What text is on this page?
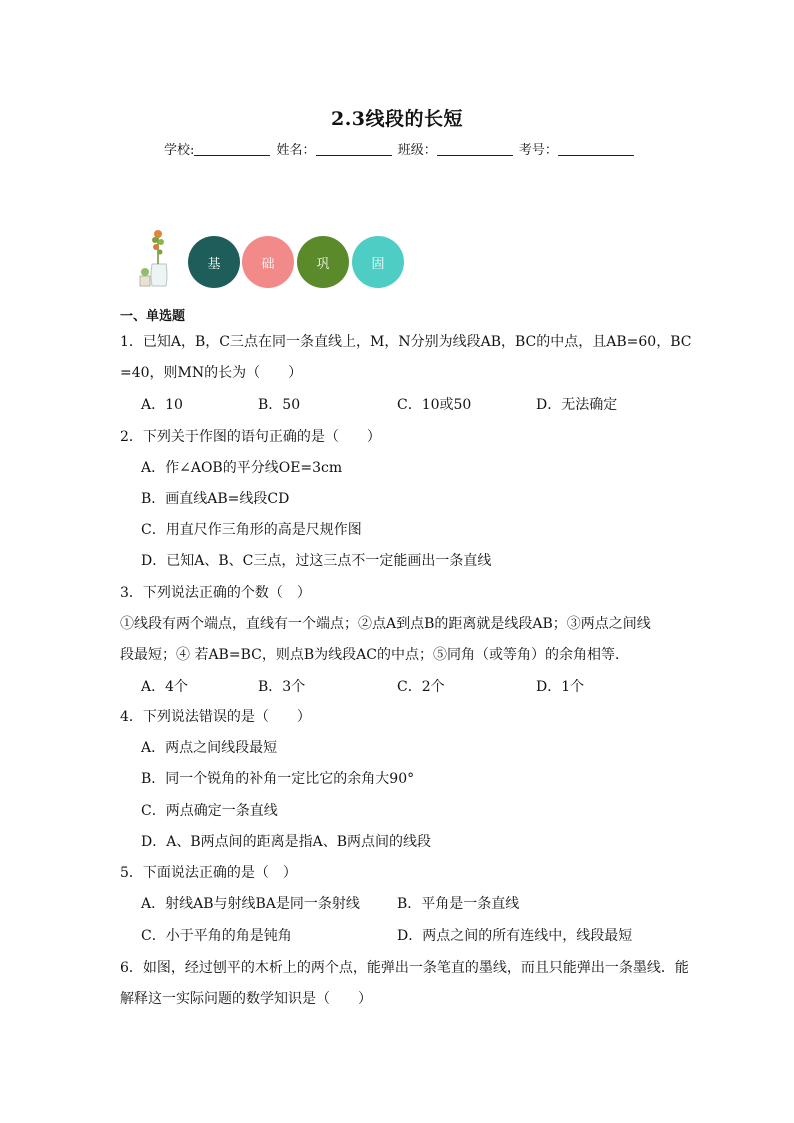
2.3线段的长短
学校:	姓名：	班级：	考号：
基	础	巩	固
一、单选题
1．已知A，B，C三点在同一条直线上，M，N分别为线段AB，BC的中点，且AB=60，BC
=40，则MN的长为（　　）
A．10	B．50	C．10或50	D．无法确定
2．下列关于作图的语句正确的是（　　）
A．作∠AOB的平分线OE=3cm
B．画直线AB=线段CD
C．用直尺作三角形的高是尺规作图
D．已知A、B、C三点，过这三点不一定能画出一条直线
3．下列说法正确的个数（　）
①线段有两个端点，直线有一个端点；②点A到点B的距离就是线段AB；③两点之间线
段最短；④ 若AB=BC，则点B为线段AC的中点；⑤同角（或等角）的余角相等．
A．4个	B．3个	C．2个	D．1个
4．下列说法错误的是（　　）
A．两点之间线段最短
B．同一个锐角的补角一定比它的余角大90°
C．两点确定一条直线
D．A、B两点间的距离是指A、B两点间的线段
5．下面说法正确的是（　）
A．射线AB与射线BA是同一条射线	B．平角是一条直线
C．小于平角的角是钝角	D．两点之间的所有连线中，线段最短
6．如图，经过刨平的木析上的两个点，能弹出一条笔直的墨线，而且只能弹出一条墨线．能
解释这一实际问题的数学知识是（　　）
